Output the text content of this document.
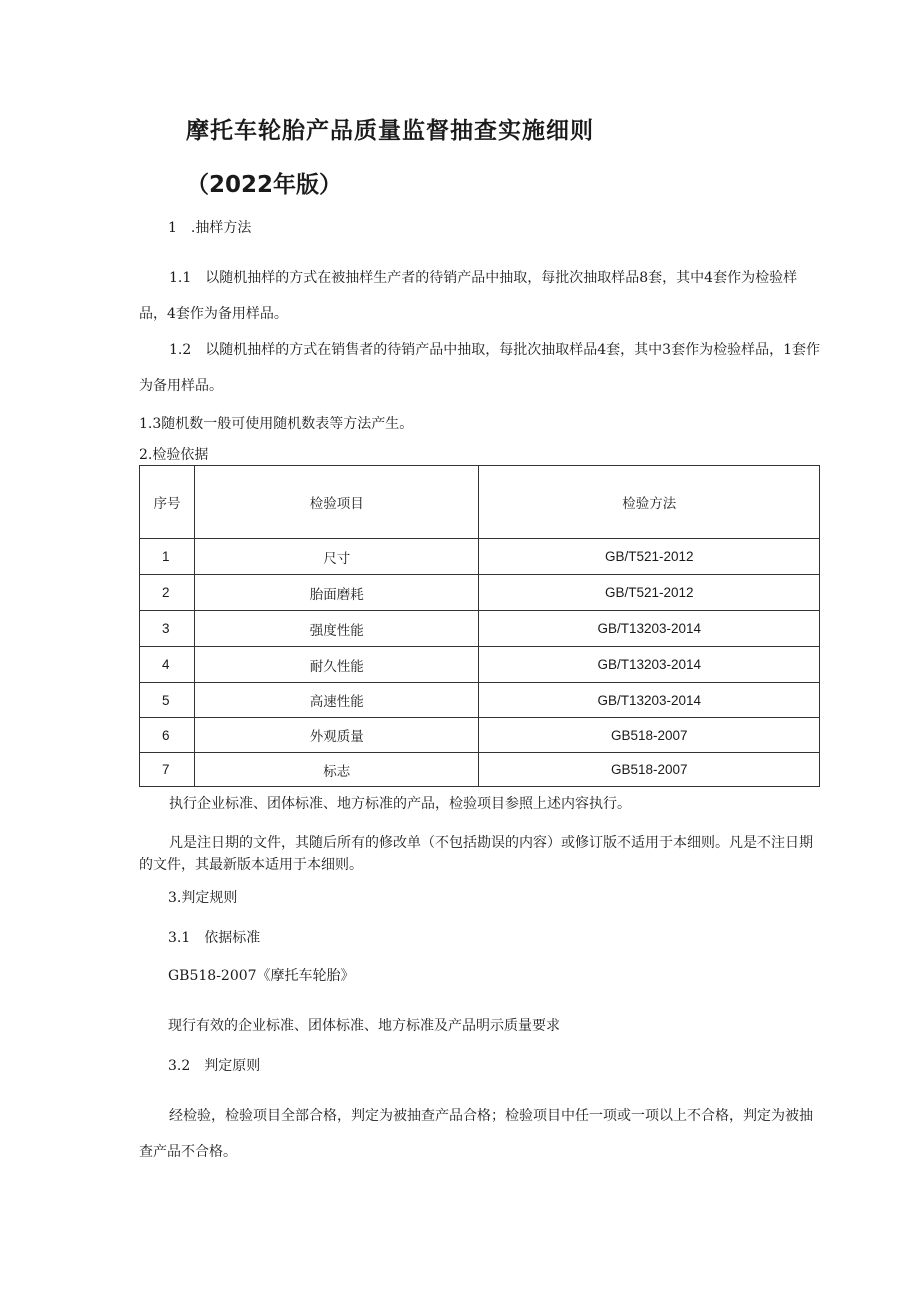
摩托车轮胎产品质量监督抽查实施细则
（2022年版）
1　.抽样方法
1.1　以随机抽样的方式在被抽样生产者的待销产品中抽取，每批次抽取样品8套，其中4套作为检验样品，4套作为备用样品。
1.2　以随机抽样的方式在销售者的待销产品中抽取，每批次抽取样品4套，其中3套作为检验样品，1套作为备用样品。
1.3随机数一般可使用随机数表等方法产生。
2.检验依据
序号	检验项目	检验方法
1	尺寸	GB/T521-2012
2	胎面磨耗	GB/T521-2012
3	强度性能	GB/T13203-2014
4	耐久性能	GB/T13203-2014
5	高速性能	GB/T13203-2014
6	外观质量	GB518-2007
7	标志	GB518-2007
执行企业标准、团体标准、地方标准的产品，检验项目参照上述内容执行。
凡是注日期的文件，其随后所有的修改单（不包括勘误的内容）或修订版不适用于本细则。凡是不注日期的文件，其最新版本适用于本细则。
3.判定规则
3.1　依据标准
GB518-2007《摩托车轮胎》
现行有效的企业标准、团体标准、地方标准及产品明示质量要求
3.2　判定原则
经检验，检验项目全部合格，判定为被抽查产品合格；检验项目中任一项或一项以上不合格，判定为被抽查产品不合格。
